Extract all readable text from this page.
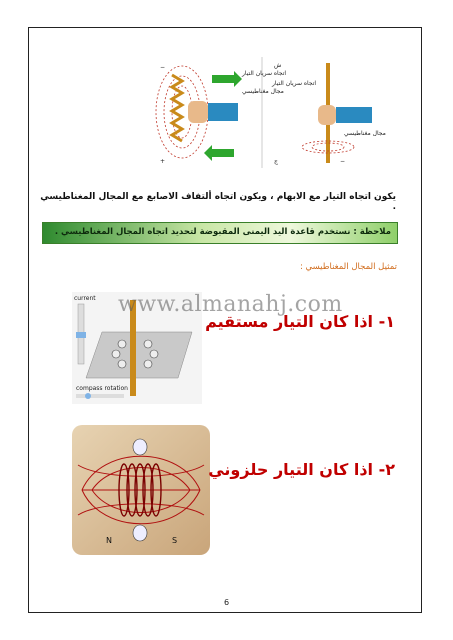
−
+
اتجاه سريان التيار
مجال مغناطيسي
ش
−
اتجاه سريان التيار
مجال مغناطيسي
ج
يكون اتجاه التيار مع الابهام ، ويكون اتجاه ألتفاف الاصابع مع المجال المغناطيسي .
ملاحظة : نستخدم قاعدة اليد اليمنى المقبوضة لتحديد اتجاه المجال المغناطيسي .
تمثيل المجال المغناطيسي :
current
compass rotation
www.almanahj.com
١- اذا كان التيار مستقيم
N	S
٢- اذا كان التيار حلزوني
6
